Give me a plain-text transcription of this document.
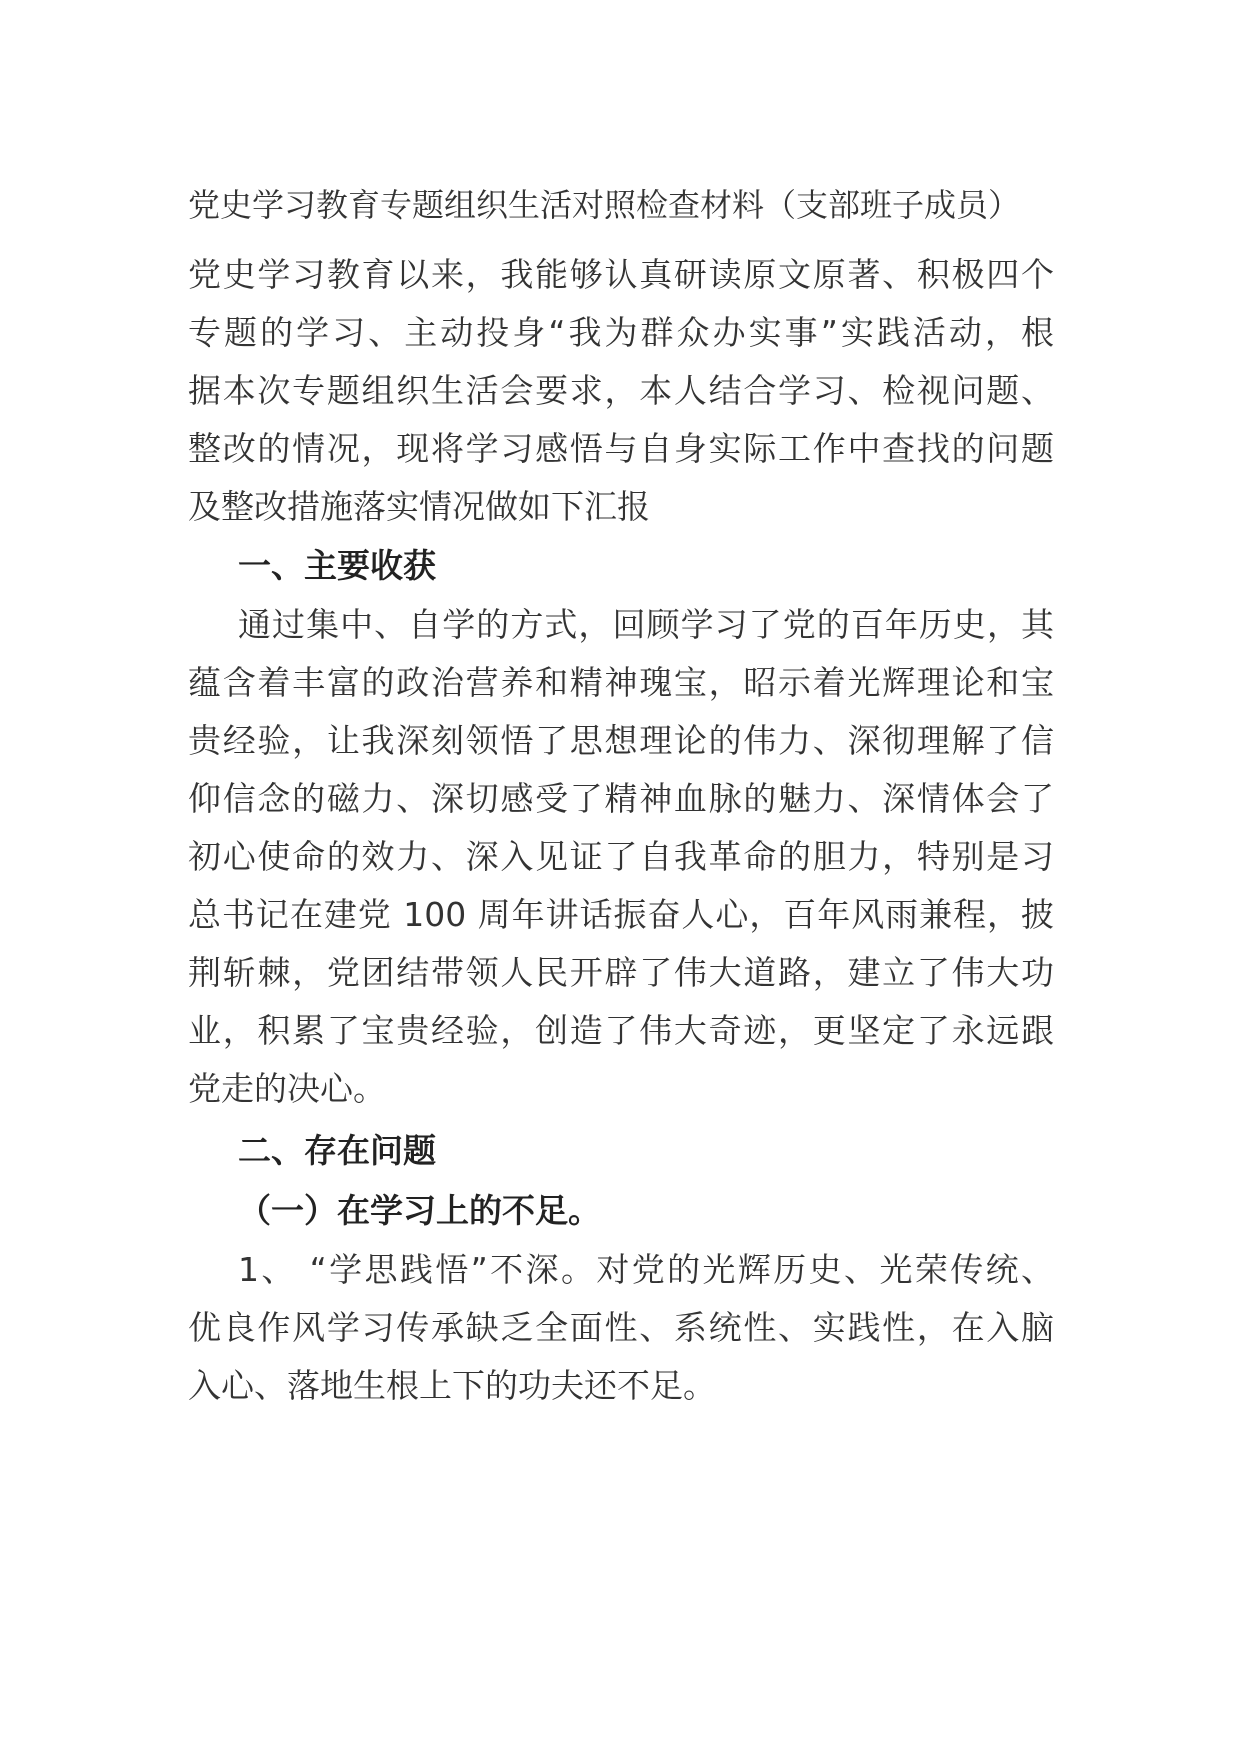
党史学习教育专题组织生活对照检查材料（支部班子成员）
党史学习教育以来，我能够认真研读原文原著、积极四个
专题的学习、主动投身“我为群众办实事”实践活动，根
据本次专题组织生活会要求，本人结合学习、检视问题、
整改的情况，现将学习感悟与自身实际工作中查找的问题
及整改措施落实情况做如下汇报
一、主要收获
通过集中、自学的方式，回顾学习了党的百年历史，其
蕴含着丰富的政治营养和精神瑰宝，昭示着光辉理论和宝
贵经验，让我深刻领悟了思想理论的伟力、深彻理解了信
仰信念的磁力、深切感受了精神血脉的魅力、深情体会了
初心使命的效力、深入见证了自我革命的胆力，特别是习
总书记在建党 100 周年讲话振奋人心，百年风雨兼程，披
荆斩棘，党团结带领人民开辟了伟大道路，建立了伟大功
业，积累了宝贵经验，创造了伟大奇迹，更坚定了永远跟
党走的决心。
二、存在问题
（一）在学习上的不足。
1、 “学思践悟”不深。对党的光辉历史、光荣传统、
优良作风学习传承缺乏全面性、系统性、实践性，在入脑
入心、落地生根上下的功夫还不足。
